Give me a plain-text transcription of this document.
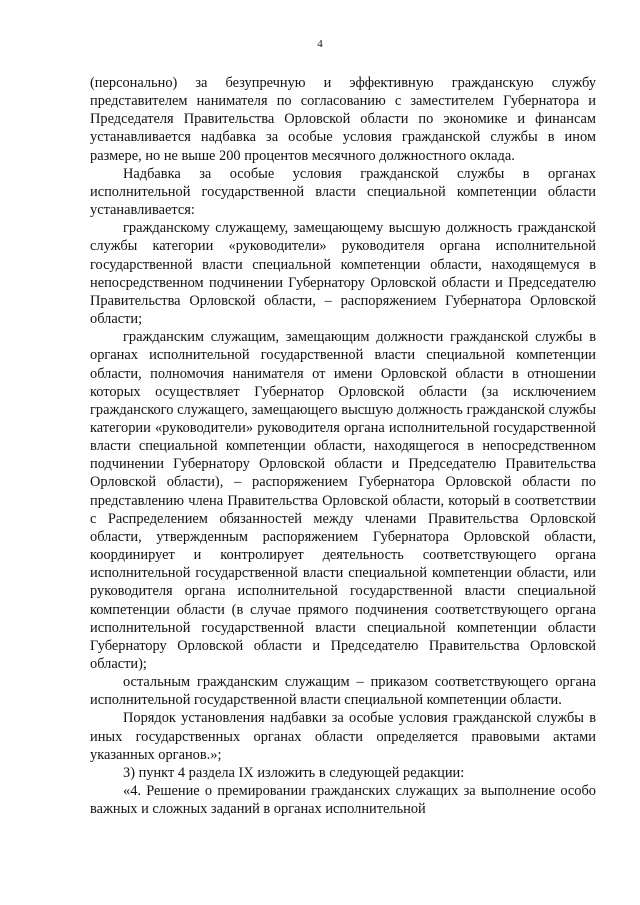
4

(персонально) за безупречную и эффективную гражданскую службу представителем нанимателя по согласованию с заместителем Губернатора и Председателя Правительства Орловской области по экономике и финансам устанавливается надбавка за особые условия гражданской службы в ином размере, но не выше 200 процентов месячного должностного оклада.

Надбавка за особые условия гражданской службы в органах исполнительной государственной власти специальной компетенции области устанавливается:

гражданскому служащему, замещающему высшую должность гражданской службы категории «руководители» руководителя органа исполнительной государственной власти специальной компетенции области, находящемуся в непосредственном подчинении Губернатору Орловской области и Председателю Правительства Орловской области, – распоряжением Губернатора Орловской области;

гражданским служащим, замещающим должности гражданской службы в органах исполнительной государственной власти специальной компетенции области, полномочия нанимателя от имени Орловской области в отношении которых осуществляет Губернатор Орловской области (за исключением гражданского служащего, замещающего высшую должность гражданской службы категории «руководители» руководителя органа исполнительной государственной власти специальной компетенции области, находящегося в непосредственном подчинении Губернатору Орловской области и Председателю Правительства Орловской области), – распоряжением Губернатора Орловской области по представлению члена Правительства Орловской области, который в соответствии с Распределением обязанностей между членами Правительства Орловской области, утвержденным распоряжением Губернатора Орловской области, координирует и контролирует деятельность соответствующего органа исполнительной государственной власти специальной компетенции области, или руководителя органа исполнительной государственной власти специальной компетенции области (в случае прямого подчинения соответствующего органа исполнительной государственной власти специальной компетенции области Губернатору Орловской области и Председателю Правительства Орловской области);

остальным гражданским служащим – приказом соответствующего органа исполнительной государственной власти специальной компетенции области.

Порядок установления надбавки за особые условия гражданской службы в иных государственных органах области определяется правовыми актами указанных органов.»;

3) пункт 4 раздела IX изложить в следующей редакции:

«4. Решение о премировании гражданских служащих за выполнение особо важных и сложных заданий в органах исполнительной
